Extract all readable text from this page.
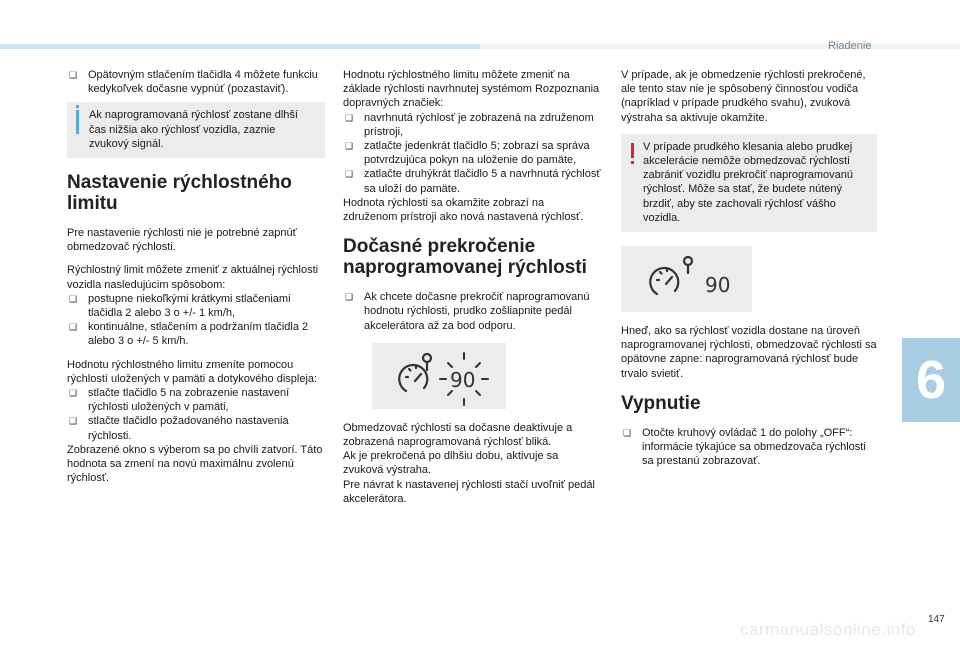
Riadenie
6
147
carmanualsonline.info
❑ Opätovným stlačením tlačidla 4 môžete funkciu kedykoľvek dočasne vypnúť (pozastaviť).
Ak naprogramovaná rýchlosť zostane dlhší čas nižšia ako rýchlosť vozidla, zaznie zvukový signál.
Nastavenie rýchlostného limitu

Pre nastavenie rýchlosti nie je potrebné zapnúť obmedzovač rýchlosti.

Rýchlostný limit môžete zmeniť z aktuálnej rýchlosti vozidla nasledujúcim spôsobom:

❑ postupne niekoľkými krátkymi stlačeniami tlačidla 2 alebo 3 o +/- 1 km/h,
❑ kontinuálne, stlačením a podržaním tlačidla 2 alebo 3 o +/- 5 km/h.

Hodnotu rýchlostného limitu zmeníte pomocou rýchlostí uložených v pamäti a dotykového displeja:

❑ stlačte tlačidlo 5 na zobrazenie nastavení rýchlosti uložených v pamäti,
❑ stlačte tlačidlo požadovaného nastavenia rýchlosti.

Zobrazené okno s výberom sa po chvíli zatvorí. Táto hodnota sa zmení na novú maximálnu zvolenú rýchlosť.

Hodnotu rýchlostného limitu môžete zmeniť na základe rýchlosti navrhnutej systémom Rozpoznania dopravných značiek:

❑ navrhnutá rýchlosť je zobrazená na združenom prístroji,
❑ zatlačte jedenkrát tlačidlo 5; zobrazí sa správa potvrdzujúca pokyn na uloženie do pamäte,
❑ zatlačte druhýkrát tlačidlo 5 a navrhnutá rýchlosť sa uloží do pamäte.

Hodnota rýchlosti sa okamžite zobrazí na združenom prístroji ako nová nastavená rýchlosť.

Dočasné prekročenie naprogramovanej rýchlosti
❑ Ak chcete dočasne prekročiť naprogramovanú hodnotu rýchlosti, prudko zošliapnite pedál akcelerátora až za bod odporu.
90

Obmedzovač rýchlosti sa dočasne deaktivuje a zobrazená naprogramovaná rýchlosť bliká.

Ak je prekročená po dlhšiu dobu, aktivuje sa zvuková výstraha.

Pre návrat k nastavenej rýchlosti stačí uvoľniť pedál akcelerátora.

V prípade, ak je obmedzenie rýchlosti prekročené, ale tento stav nie je spôsobený činnosťou vodiča (napríklad v prípade prudkého svahu), zvuková výstraha sa aktivuje okamžite.

V prípade prudkého klesania alebo prudkej akcelerácie nemôže obmedzovač rýchlosti zabrániť vozidlu prekročiť naprogramovanú rýchlosť. Môže sa stať, že budete nútený brzdiť, aby ste zachovali rýchlosť vášho vozidla.
90

Hneď, ako sa rýchlosť vozidla dostane na úroveň naprogramovanej rýchlosti, obmedzovač rýchlosti sa opätovne zapne: naprogramovaná rýchlosť bude trvalo svietiť.

Vypnutie
❑ Otočte kruhový ovládač 1 do polohy „OFF“: informácie týkajúce sa obmedzovača rýchlosti sa prestanú zobrazovať.
